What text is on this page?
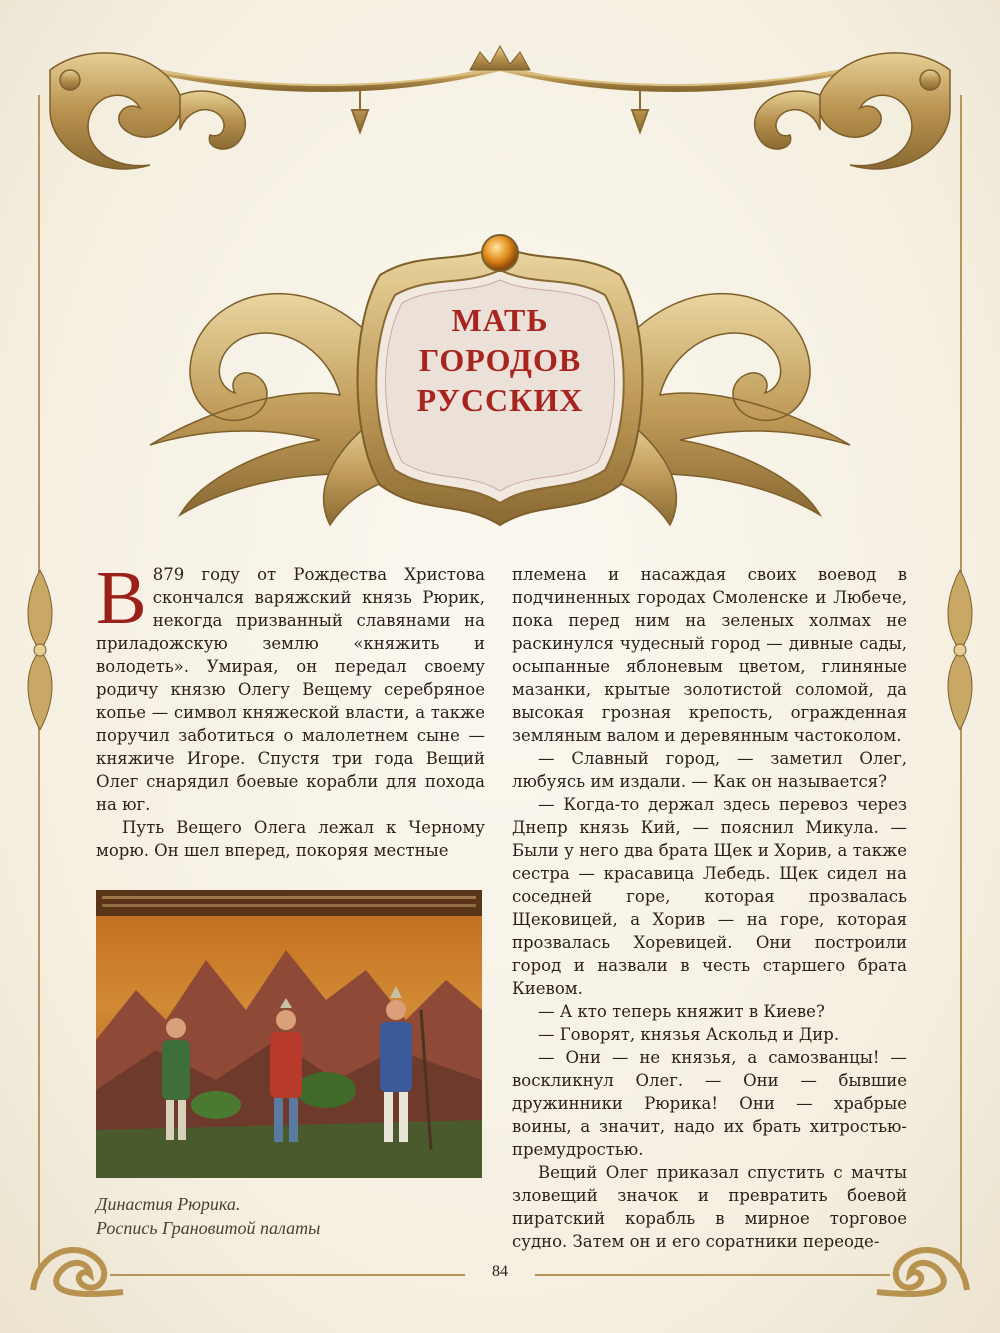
МАТЬ
ГОРОДОВ
РУССКИХ
В 879 году от Рождества Христова скончался варяжский князь Рюрик, некогда призванный славянами на приладожскую землю «княжить и володеть». Умирая, он передал своему родичу князю Олегу Вещему серебряное копье — символ княжеской власти, а также поручил заботиться о малолетнем сыне — княжиче Игоре. Спустя три года Вещий Олег снарядил боевые корабли для похода на юг.

Путь Вещего Олега лежал к Черному морю. Он шел вперед, покоряя местные

Династия Рюрика.
Роспись Грановитой палаты

племена и насаждая своих воевод в подчиненных городах Смоленске и Любече, пока перед ним на зеленых холмах не раскинулся чудесный город — дивные сады, осыпанные яблоневым цветом, глиняные мазанки, крытые золотистой соломой, да высокая грозная крепость, огражденная земляным валом и деревянным частоколом.

— Славный город, — заметил Олег, любуясь им издали. — Как он называется?

— Когда-то держал здесь перевоз через Днепр князь Кий, — пояснил Микула. — Были у него два брата Щек и Хорив, а также сестра — красавица Лебедь. Щек сидел на соседней горе, которая прозвалась Щековицей, а Хорив — на горе, которая прозвалась Хоревицей. Они построили город и назвали в честь старшего брата Киевом.

— А кто теперь княжит в Киеве?

— Говорят, князья Аскольд и Дир.

— Они — не князья, а самозванцы! — воскликнул Олег. — Они — бывшие дружинники Рюрика! Они — храбрые воины, а значит, надо их брать хитростью-премудростью.

Вещий Олег приказал спустить с мачты зловещий значок и превратить боевой пиратский корабль в мирное торговое судно. Затем он и его соратники переоде-

84
